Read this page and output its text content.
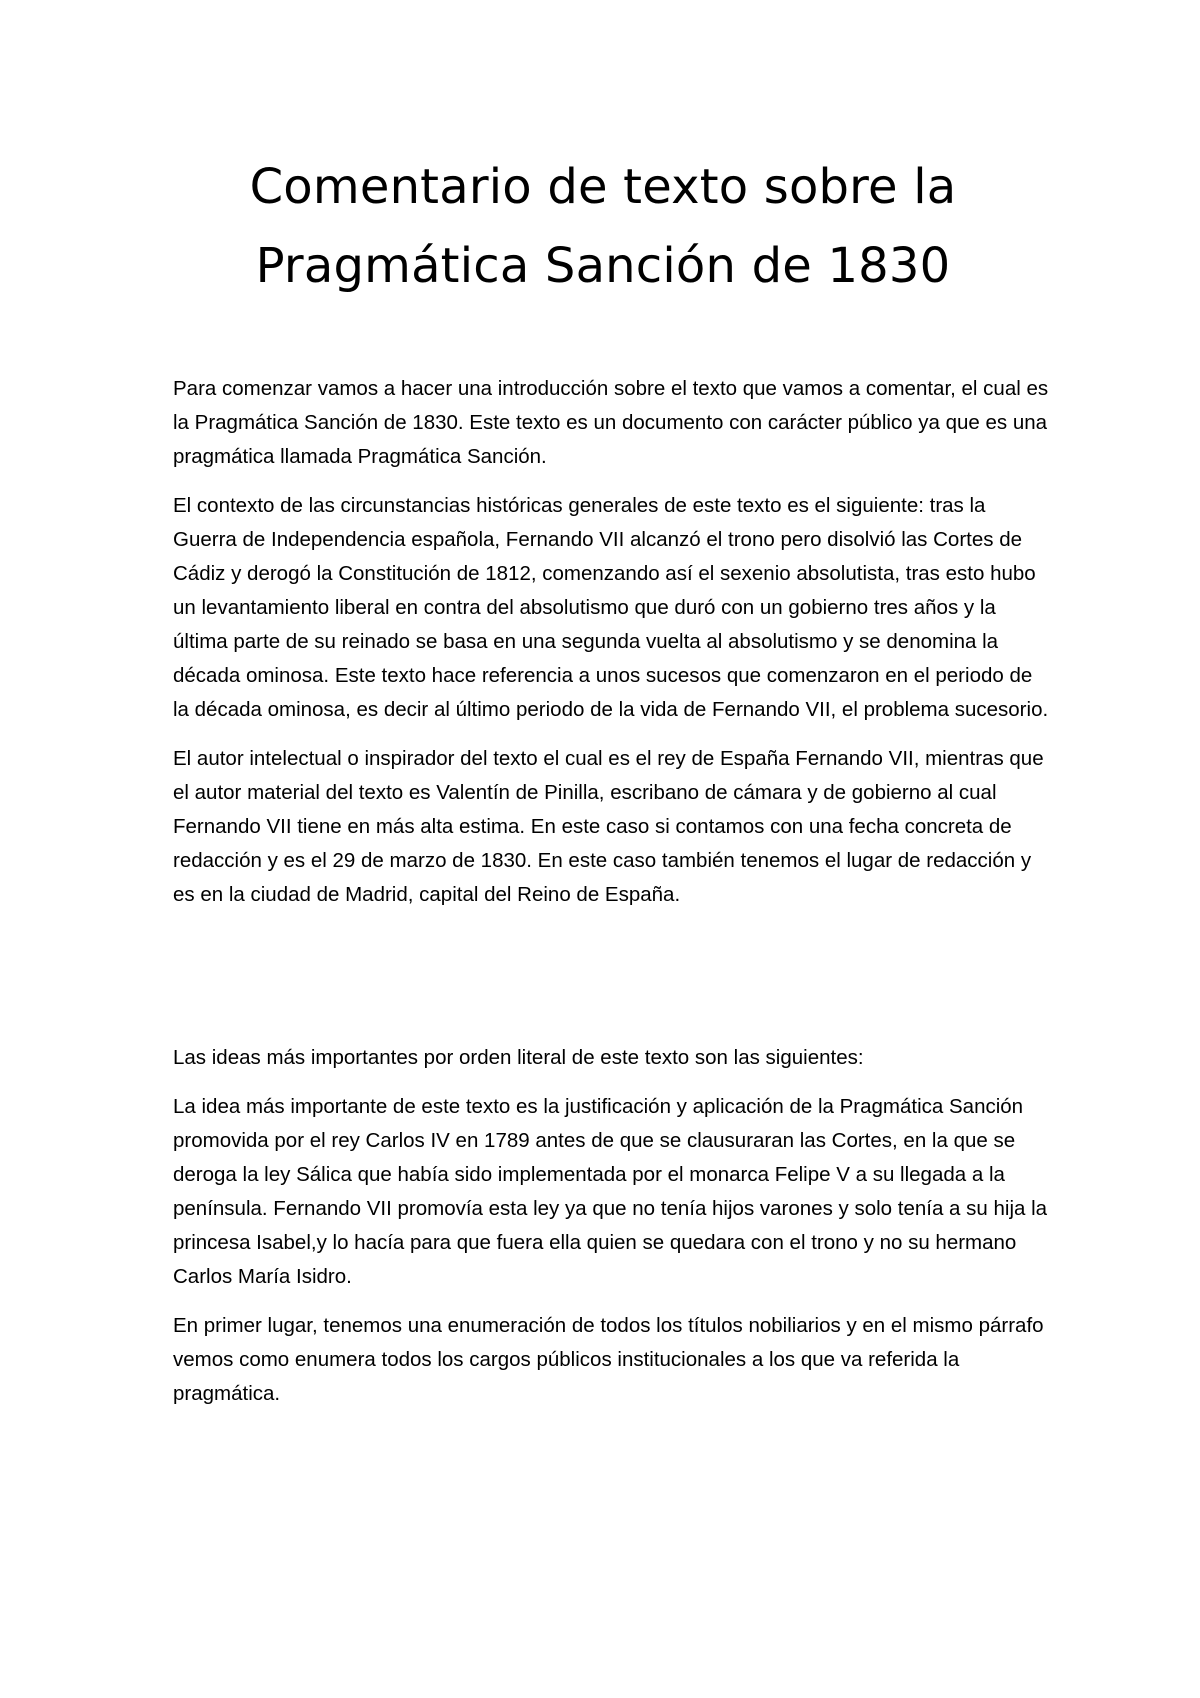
Comentario de texto sobre la
Pragmática Sanción de 1830

Para comenzar vamos a hacer una introducción sobre el texto que vamos a comentar, el cual es la Pragmática Sanción de 1830. Este texto es un documento con carácter público ya que es una pragmática llamada Pragmática Sanción.

El contexto de las circunstancias históricas generales de este texto es el siguiente: tras la Guerra de Independencia española, Fernando VII alcanzó el trono pero disolvió las Cortes de Cádiz y derogó la Constitución de 1812, comenzando así el sexenio absolutista, tras esto hubo un levantamiento liberal en contra del absolutismo que duró con un gobierno tres años y la última parte de su reinado se basa en una segunda vuelta al absolutismo y se denomina la década ominosa. Este texto hace referencia a unos sucesos que comenzaron en el periodo de la década ominosa, es decir al último periodo de la vida de Fernando VII, el problema sucesorio.

El autor intelectual o inspirador del texto el cual es el rey de España Fernando VII, mientras que el autor material del texto es Valentín de Pinilla, escribano de cámara y de gobierno al cual Fernando VII tiene en más alta estima. En este caso si contamos con una fecha concreta de redacción y es el 29 de marzo de 1830. En este caso también tenemos el lugar de redacción y es en la ciudad de Madrid, capital del Reino de España.

Las ideas más importantes por orden literal de este texto son las siguientes:

La idea más importante de este texto es la justificación y aplicación de la Pragmática Sanción promovida por el rey Carlos IV en 1789 antes de que se clausuraran las Cortes, en la que se deroga la ley Sálica que había sido implementada por el monarca Felipe V a su llegada a la península. Fernando VII promovía esta ley ya que no tenía hijos varones y solo tenía a su hija la princesa Isabel,y lo hacía para que fuera ella quien se quedara con el trono y no su hermano Carlos María Isidro.

En primer lugar, tenemos una enumeración de todos los títulos nobiliarios y en el mismo párrafo vemos como enumera todos los cargos públicos institucionales a los que va referida la pragmática.
